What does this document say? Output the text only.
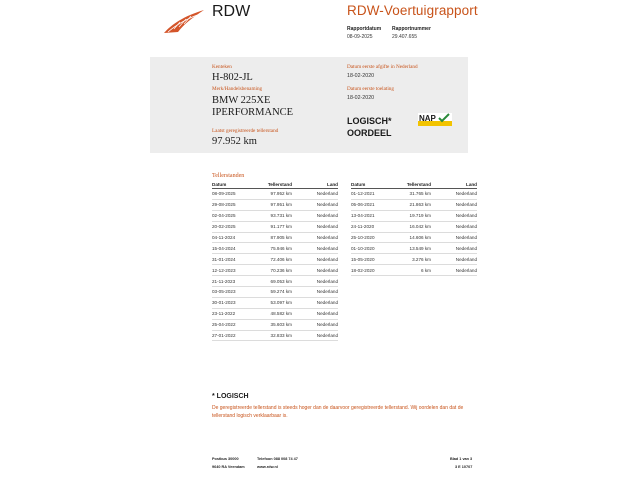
RDW	RDW-Voertuigrapport
Rapportdatum
08-09-2025
Rapportnummer
29.407.655
Kenteken
H-802-JL
Merk/Handelsbenaming
BMW 225XE
IPERFORMANCE
Laatst geregistreerde tellerstand
97.952 km
Datum eerste afgifte in Nederland
18-02-2020
Datum eerste toelating
18-02-2020
LOGISCH*
OORDEEL
NAP
Tellerstanden
Datum	Tellerstand	Land
08-09-2025	97.952 km	Nederland
29-08-2025	97.951 km	Nederland
02-04-2025	93.731 km	Nederland
20-02-2025	91.177 km	Nederland
04-11-2024	87.905 km	Nederland
15-04-2024	75.946 km	Nederland
31-01-2024	72.406 km	Nederland
12-12-2023	70.236 km	Nederland
21-11-2023	69.053 km	Nederland
03-05-2023	59.274 km	Nederland
30-01-2023	53.097 km	Nederland
23-11-2022	48.582 km	Nederland
25-04-2022	35.603 km	Nederland
27-01-2022	32.833 km	Nederland
Datum	Tellerstand	Land
01-12-2021	31.765 km	Nederland
05-06-2021	21.863 km	Nederland
13-04-2021	19.719 km	Nederland
24-11-2020	16.042 km	Nederland
25-10-2020	14.606 km	Nederland
01-10-2020	13.549 km	Nederland
15-05-2020	3.276 km	Nederland
18-02-2020	6 km	Nederland
* LOGISCH
De geregistreerde tellerstand is steeds hoger dan de daarvoor geregistreerde tellerstand. Wij oordelen dan dat de tellerstand logisch verklaarbaar is.
Postbus 30000
9640 RA Veendam
Telefoon 088 008 74 47
www.rdw.nl
Blad 1 van 3
3 E 10707
